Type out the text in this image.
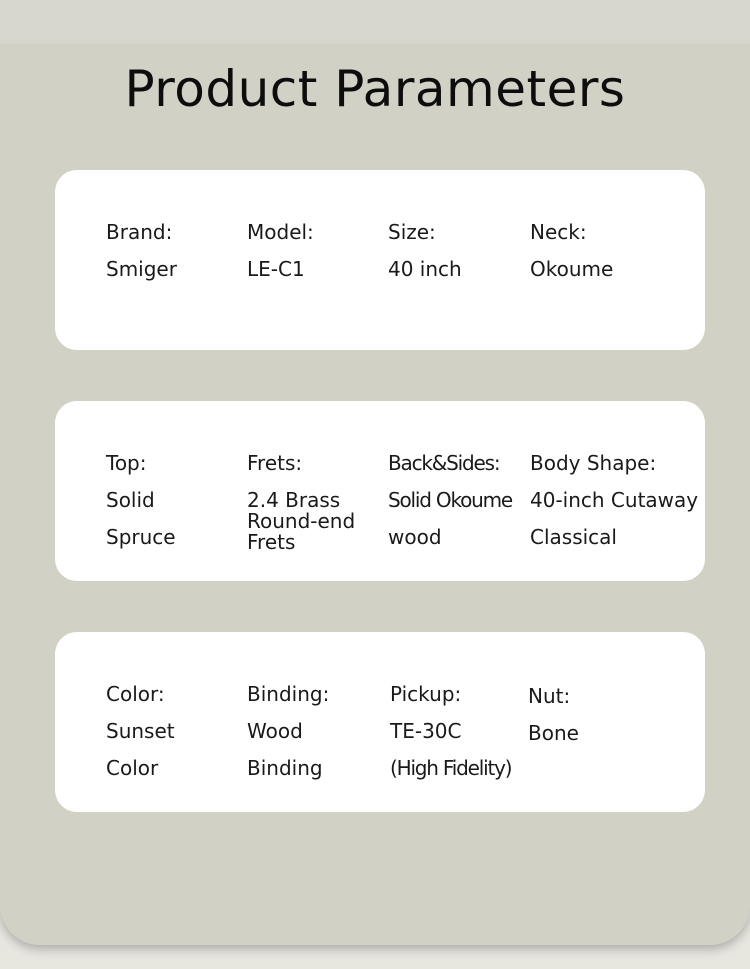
Product Parameters
Brand:
Smiger
Model:
LE-C1
Size:
40 inch
Neck:
Okoume
Top:
Solid
Spruce
Frets:
2.4 Brass
Round-end
Frets
Back&Sides:
Solid Okoume
wood
Body Shape:
40-inch Cutaway
Classical
Color:
Sunset
Color
Binding:
Wood
Binding
Pickup:
TE-30C
(High Fidelity)
Nut:
Bone
